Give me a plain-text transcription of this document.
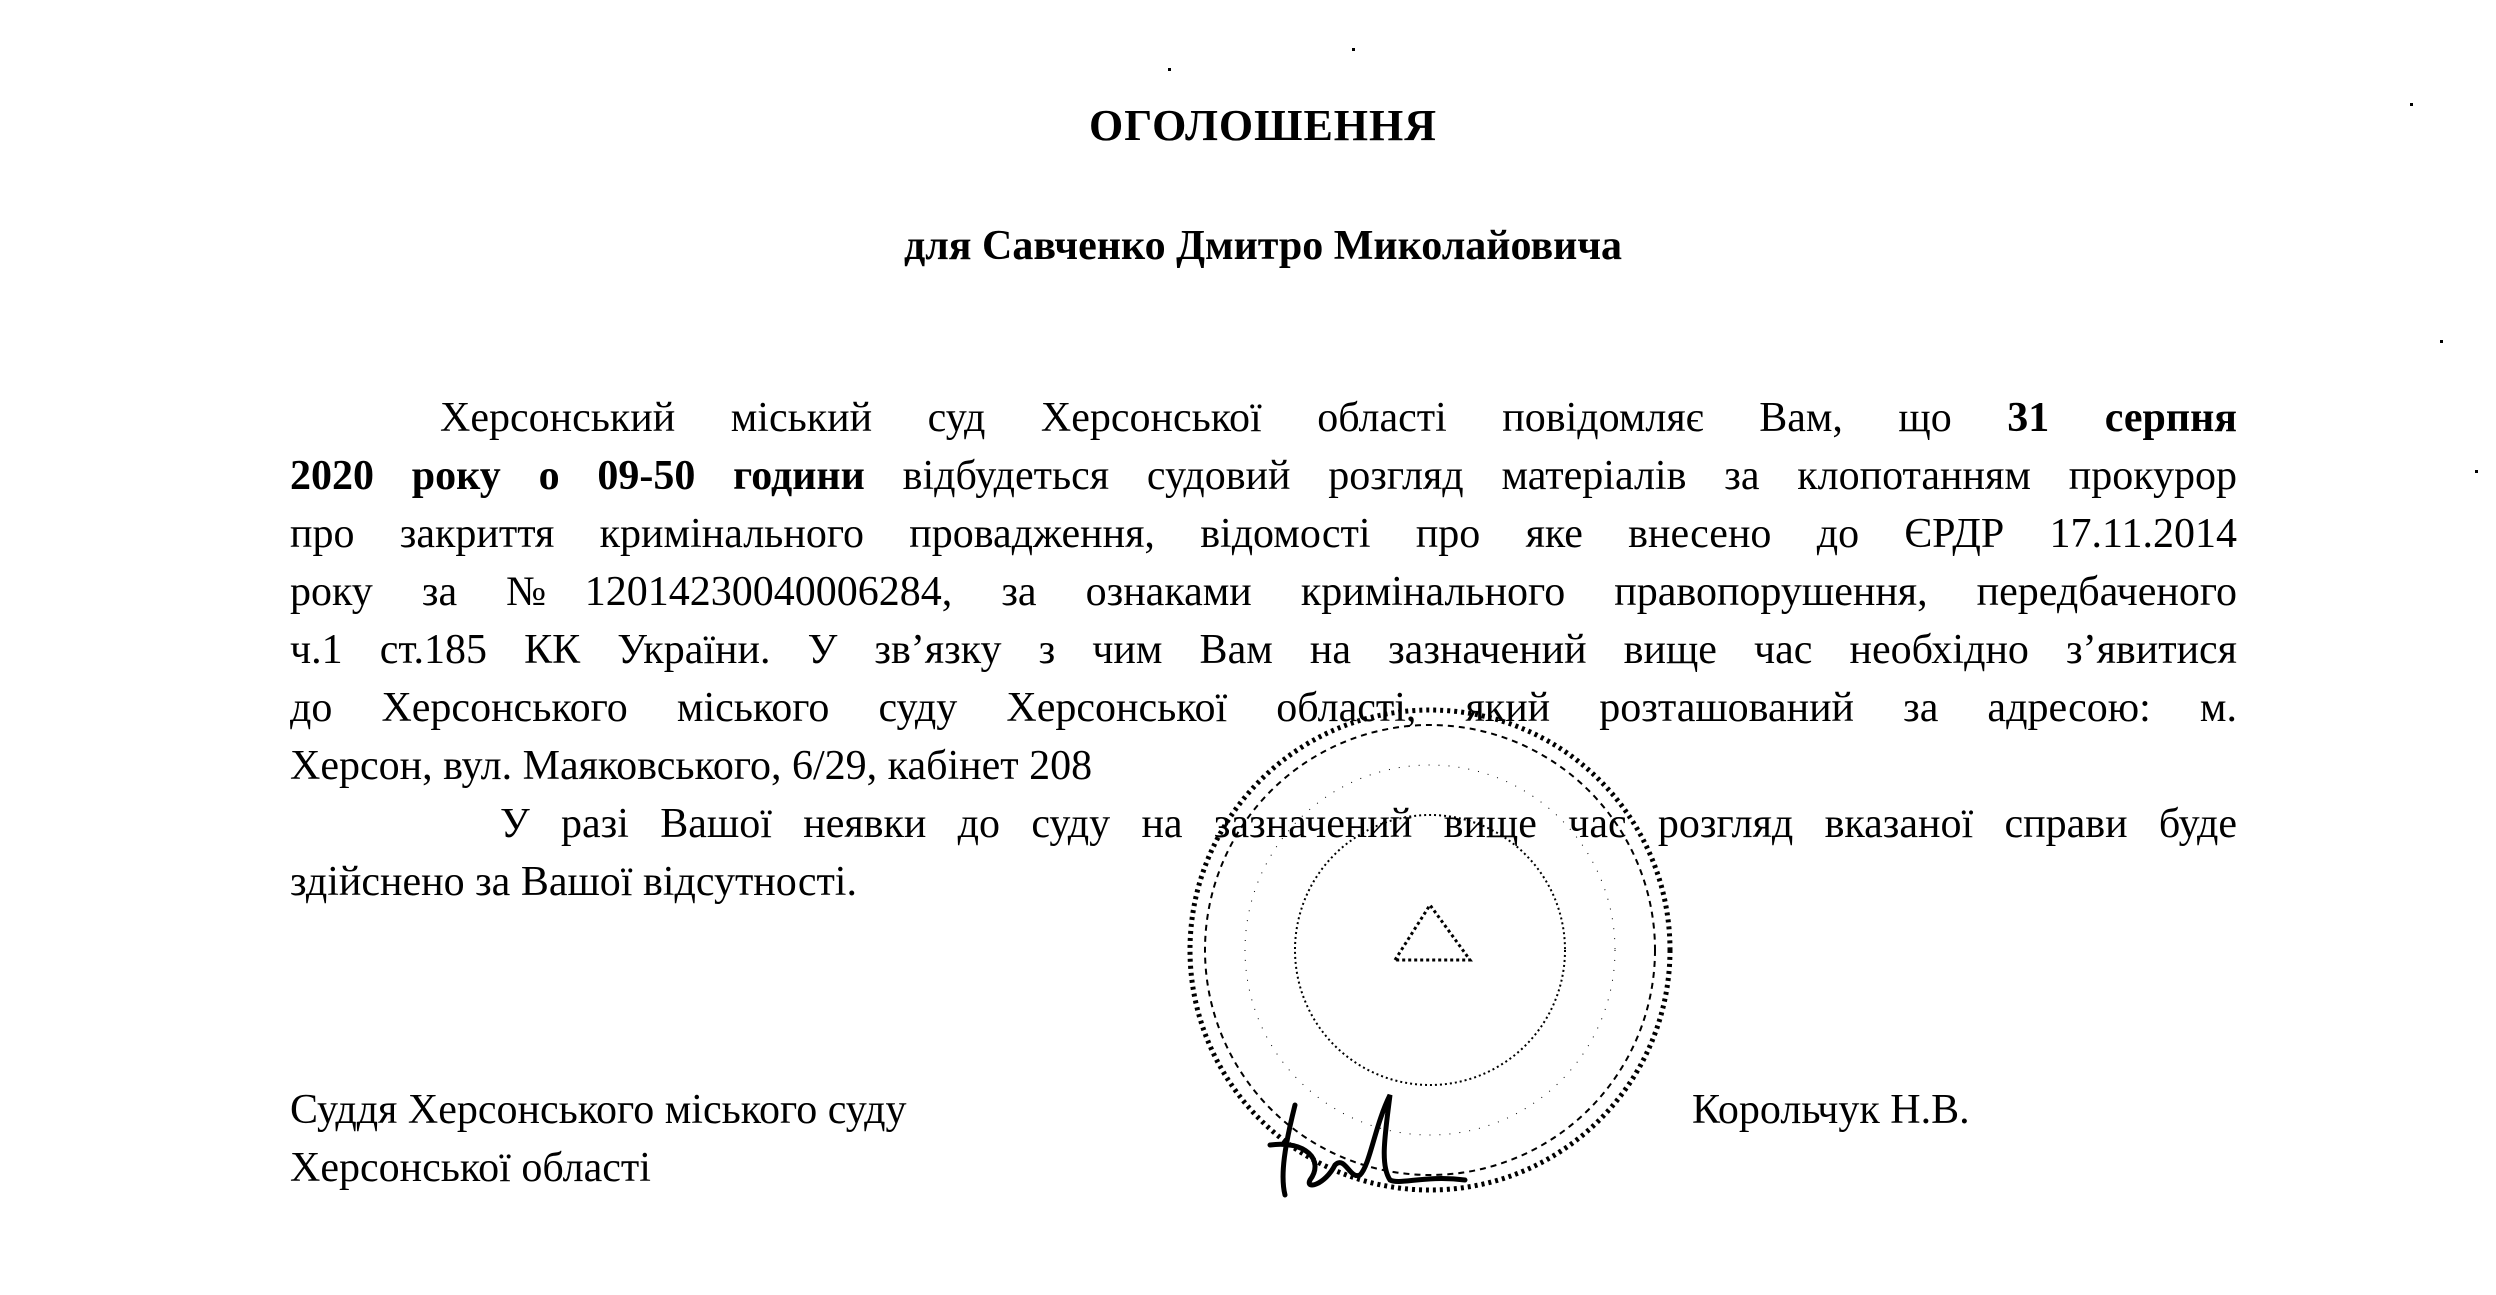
ОГОЛОШЕННЯ
для Савченко Дмитро Миколайовича
Херсонський міський суд Херсонської області повідомляє Вам, що 31 серпня
2020 року о 09-50 години відбудеться судовий розгляд матеріалів за клопотанням прокурор
про закриття кримінального провадження, відомості про яке внесено до ЄРДР 17.11.2014
року за №12014230040006284, за ознаками кримінального правопорушення, передбаченого
ч.1 ст.185 КК України. У зв’язку з чим Вам на зазначений вище час необхідно з’явитися
до Херсонського міського суду Херсонської області, який розташований за адресою: м.
Херсон, вул. Маяковського, 6/29, кабінет 208
У разі Вашої неявки до суду на зазначений вище час розгляд вказаної справи буде
здійснено за Вашої відсутності.
Суддя Херсонського міського суду
Херсонської області
Корольчук Н.В.
